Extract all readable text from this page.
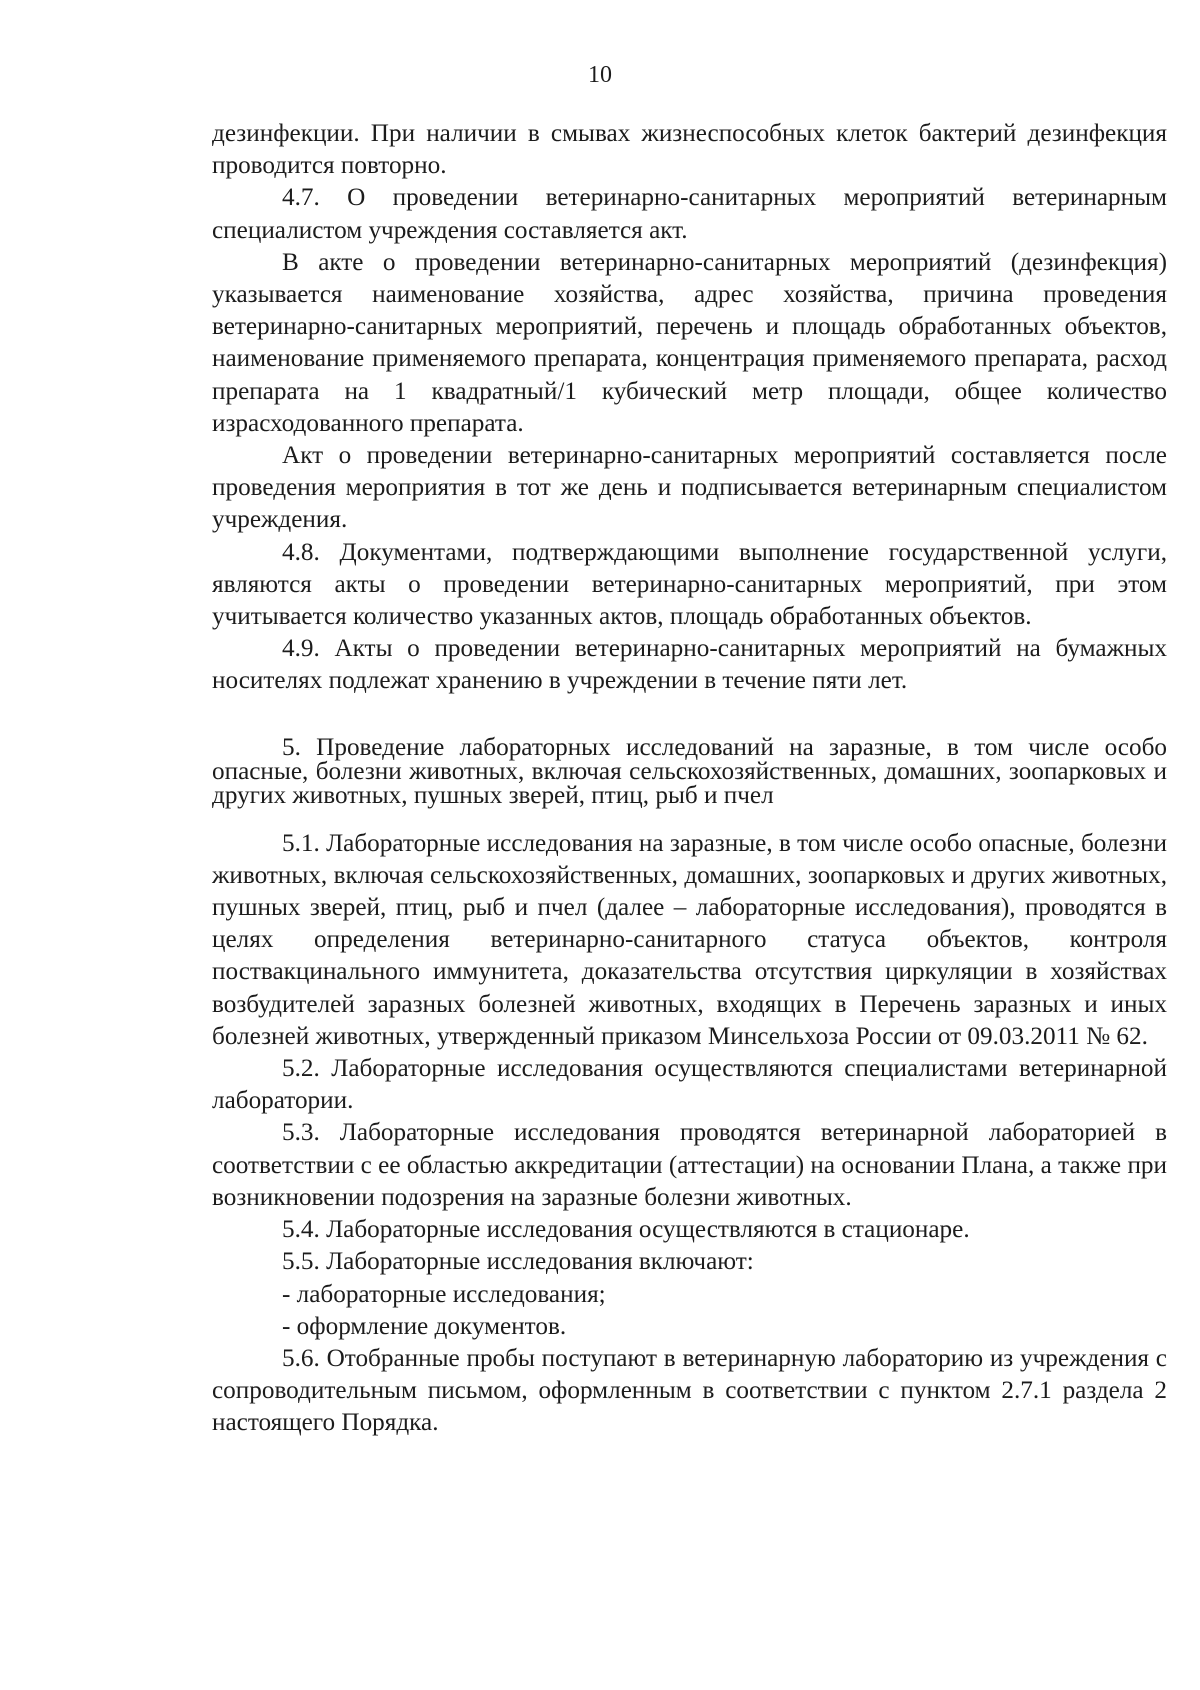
10

дезинфекции. При наличии в смывах жизнеспособных клеток бактерий дезинфекция проводится повторно.

4.7. О проведении ветеринарно-санитарных мероприятий ветеринарным специалистом учреждения составляется акт.

В акте о проведении ветеринарно-санитарных мероприятий (дезинфекция) указывается наименование хозяйства, адрес хозяйства, причина проведения ветеринарно-санитарных мероприятий, перечень и площадь обработанных объектов, наименование применяемого препарата, концентрация применяемого препарата, расход препарата на 1 квадратный/1 кубический метр площади, общее количество израсходованного препарата.

Акт о проведении ветеринарно-санитарных мероприятий составляется после проведения мероприятия в тот же день и подписывается ветеринарным специалистом учреждения.

4.8. Документами, подтверждающими выполнение государственной услуги, являются акты о проведении ветеринарно-санитарных мероприятий, при этом учитывается количество указанных актов, площадь обработанных объектов.

4.9. Акты о проведении ветеринарно-санитарных мероприятий на бумажных носителях подлежат хранению в учреждении в течение пяти лет.

5. Проведение лабораторных исследований на заразные, в том числе особо опасные, болезни животных, включая сельскохозяйственных, домашних, зоопарковых и других животных, пушных зверей, птиц, рыб и пчел

5.1. Лабораторные исследования на заразные, в том числе особо опасные, болезни животных, включая сельскохозяйственных, домашних, зоопарковых и других животных, пушных зверей, птиц, рыб и пчел (далее – лабораторные исследования), проводятся в целях определения ветеринарно-санитарного статуса объектов, контроля поствакцинального иммунитета, доказательства отсутствия циркуляции в хозяйствах возбудителей заразных болезней животных, входящих в Перечень заразных и иных болезней животных, утвержденный приказом Минсельхоза России от 09.03.2011 № 62.

5.2. Лабораторные исследования осуществляются специалистами ветеринарной лаборатории.

5.3. Лабораторные исследования проводятся ветеринарной лабораторией в соответствии с ее областью аккредитации (аттестации) на основании Плана, а также при возникновении подозрения на заразные болезни животных.

5.4. Лабораторные исследования осуществляются в стационаре.

5.5. Лабораторные исследования включают:

- лабораторные исследования;

- оформление документов.

5.6. Отобранные пробы поступают в ветеринарную лабораторию из учреждения с сопроводительным письмом, оформленным в соответствии с пунктом 2.7.1 раздела 2 настоящего Порядка.
